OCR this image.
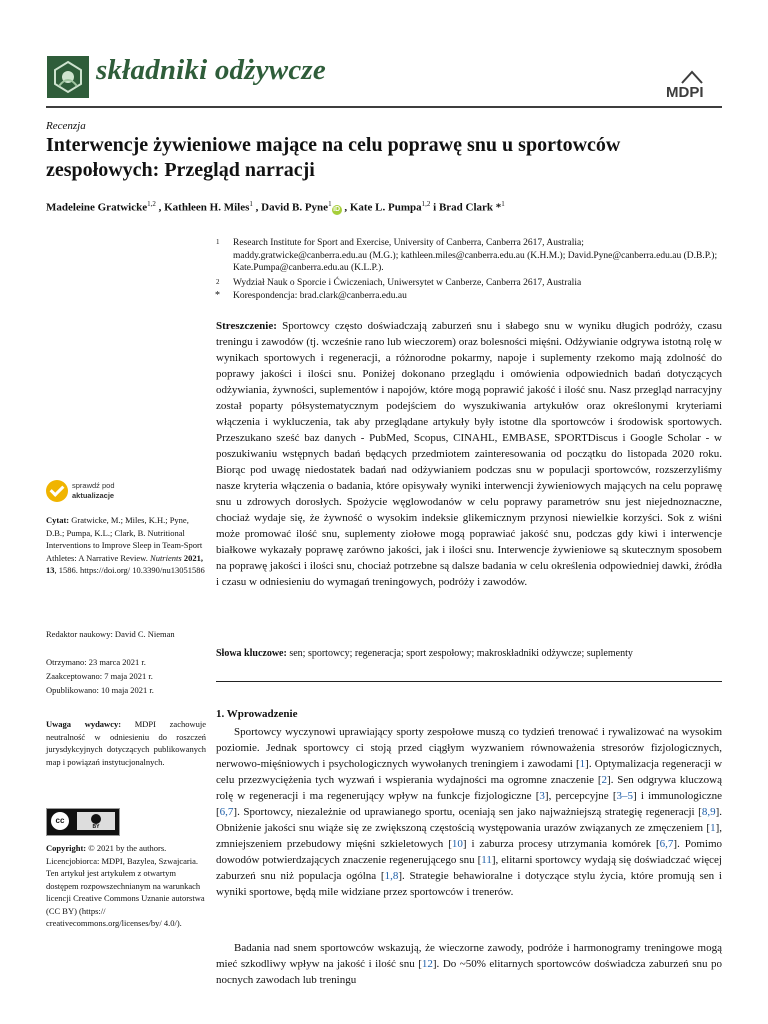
składniki odżywcze
MDPI
Recenzja
Interwencje żywieniowe mające na celu poprawę snu u sportowców zespołowych: Przegląd narracji
Madeleine Gratwicke$^{1,2}$ , Kathleen H. Miles$^1$ , David B. Pyne$^1$iD , Kate L. Pumpa$^{1,2}$ i Brad Clark *$^1$
1 Research Institute for Sport and Exercise, University of Canberra, Canberra 2617, Australia; maddy.gratwicke@canberra.edu.au (M.G.); kathleen.miles@canberra.edu.au (K.H.M.); David.Pyne@canberra.edu.au (D.B.P.); Kate.Pumpa@canberra.edu.au (K.L.P.).
2 Wydział Nauk o Sporcie i Ćwiczeniach, Uniwersytet w Canberze, Canberra 2617, Australia
* Korespondencja: brad.clark@canberra.edu.au

Streszczenie: Sportowcy często doświadczają zaburzeń snu i słabego snu w wyniku długich podróży, czasu treningu i zawodów (tj. wcześnie rano lub wieczorem) oraz bolesności mięśni. Odżywianie odgrywa istotną rolę w wynikach sportowych i regeneracji, a różnorodne pokarmy, napoje i suplementy rzekomo mają zdolność do poprawy jakości i ilości snu. Poniżej dokonano przeglądu i omówienia odpowiednich badań dotyczących odżywiania, żywności, suplementów i napojów, które mogą poprawić jakość i ilość snu. Nasz przegląd narracyjny został poparty półsystematycznym podejściem do wyszukiwania artykułów oraz określonymi kryteriami włączenia i wykluczenia, tak aby przeglądane artykuły były istotne dla sportowców i środowisk sportowych. Przeszukano sześć baz danych - PubMed, Scopus, CINAHL, EMBASE, SPORTDiscus i Google Scholar - w poszukiwaniu wstępnych badań będących przedmiotem zainteresowania od początku do listopada 2020 roku. Biorąc pod uwagę niedostatek badań nad odżywianiem podczas snu w populacji sportowców, rozszerzyliśmy nasze kryteria włączenia o badania, które opisywały wyniki interwencji żywieniowych mających na celu poprawę snu u zdrowych dorosłych. Spożycie węglowodanów w celu poprawy parametrów snu jest niejednoznaczne, chociaż wydaje się, że żywność o wysokim indeksie glikemicznym przynosi niewielkie korzyści. Sok z wiśni może promować ilość snu, suplementy ziołowe mogą poprawiać jakość snu, podczas gdy kiwi i interwencje białkowe wykazały poprawę zarówno jakości, jak i ilości snu. Interwencje żywieniowe są skutecznym sposobem na poprawę jakości i ilości snu, chociaż potrzebne są dalsze badania w celu określenia odpowiedniej dawki, źródła i czasu w odniesieniu do wymagań treningowych, podróży i zawodów.

Słowa kluczowe: sen; sportowcy; regeneracja; sport zespołowy; makroskładniki odżywcze; suplementy

sprawdź pod
aktualizacje

Cytat: Gratwicke, M.; Miles, K.H.; Pyne, D.B.; Pumpa, K.L.; Clark, B. Nutritional Interventions to Improve Sleep in Team-Sport Athletes: A Narrative Review. Nutrients 2021, 13, 1586. https://doi.org/ 10.3390/nu13051586

Redaktor naukowy: David C. Nieman

Otrzymano: 23 marca 2021 r.

Zaakceptowano: 7 maja 2021 r.

Opublikowano: 10 maja 2021 r.

Uwaga wydawcy: MDPI zachowuje neutralność w odniesieniu do roszczeń jurysdykcyjnych dotyczących publikowanych map i powiązań instytucjonalnych.

cc
BY

Copyright: © 2021 by the authors. Licencjobiorca: MDPI, Bazylea, Szwajcaria. Ten artykuł jest artykułem z otwartym dostępem rozpowszechnianym na warunkach licencji Creative Commons Uznanie autorstwa (CC BY) (https:// creativecommons.org/licenses/by/ 4.0/).

1. Wprowadzenie

Sportowcy wyczynowi uprawiający sporty zespołowe muszą co tydzień trenować i rywalizować na wysokim poziomie. Jednak sportowcy ci stoją przed ciągłym wyzwaniem równoważenia stresorów fizjologicznych, nerwowo-mięśniowych i psychologicznych wywołanych treningiem i zawodami [1]. Optymalizacja regeneracji w celu przezwyciężenia tych wyzwań i wspierania wydajności ma ogromne znaczenie [2]. Sen odgrywa kluczową rolę w regeneracji i ma regenerujący wpływ na funkcje fizjologiczne [3], percepcyjne [3–5] i immunologiczne [6,7]. Sportowcy, niezależnie od uprawianego sportu, oceniają sen jako najważniejszą strategię regeneracji [8,9]. Obniżenie jakości snu wiąże się ze zwiększoną częstością występowania urazów związanych ze zmęczeniem [1], zmniejszeniem przebudowy mięśni szkieletowych [10] i zaburza procesy utrzymania komórek [6,7]. Pomimo dowodów potwierdzających znaczenie regenerującego snu [11], elitarni sportowcy wydają się doświadczać więcej zaburzeń snu niż populacja ogólna [1,8]. Strategie behawioralne i dotyczące stylu życia, które promują sen i wyniki sportowe, będą mile widziane przez sportowców i trenerów.

Badania nad snem sportowców wskazują, że wieczorne zawody, podróże i harmonogramy treningowe mogą mieć szkodliwy wpływ na jakość i ilość snu [12]. Do ~50% elitarnych sportowców doświadcza zaburzeń snu po nocnych zawodach lub treningu
